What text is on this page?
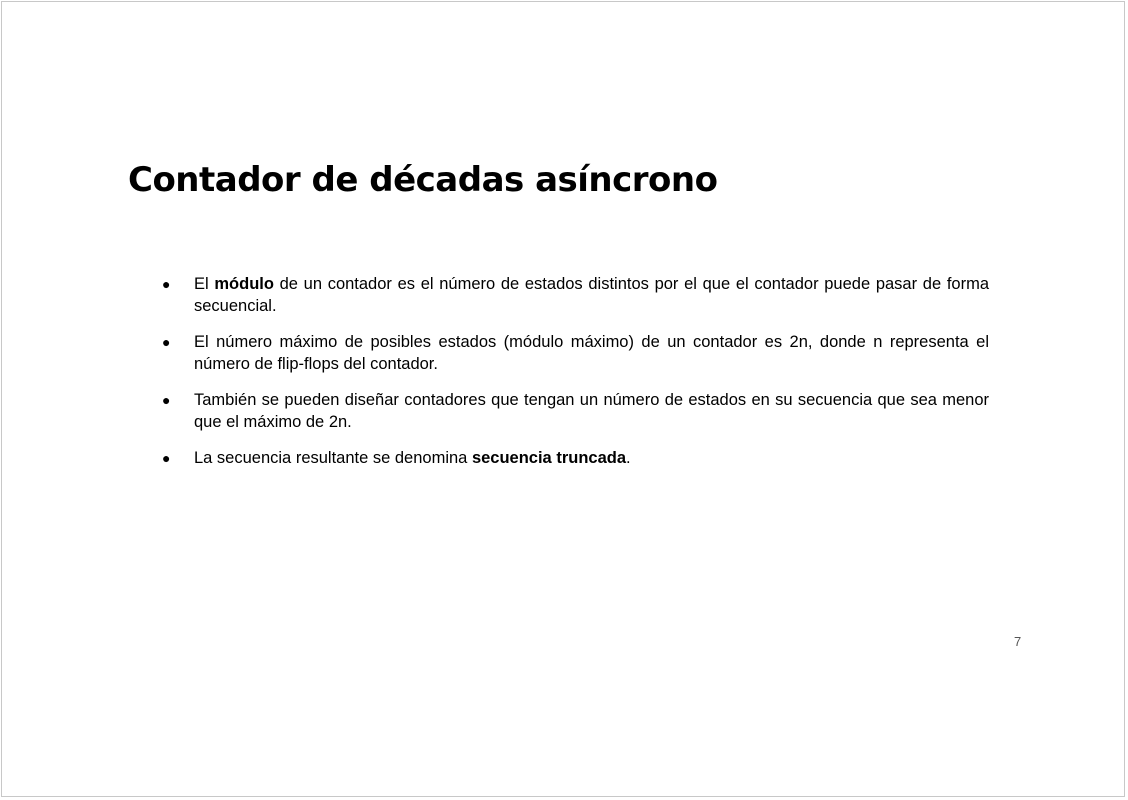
Contador de décadas asíncrono
● El módulo de un contador es el número de estados distintos por el que el contador puede pasar de forma secuencial.
● El número máximo de posibles estados (módulo máximo) de un contador es 2n, donde n representa el número de flip-flops del contador.
● También se pueden diseñar contadores que tengan un número de estados en su secuencia que sea menor que el máximo de 2n.
● La secuencia resultante se denomina secuencia truncada.
7
